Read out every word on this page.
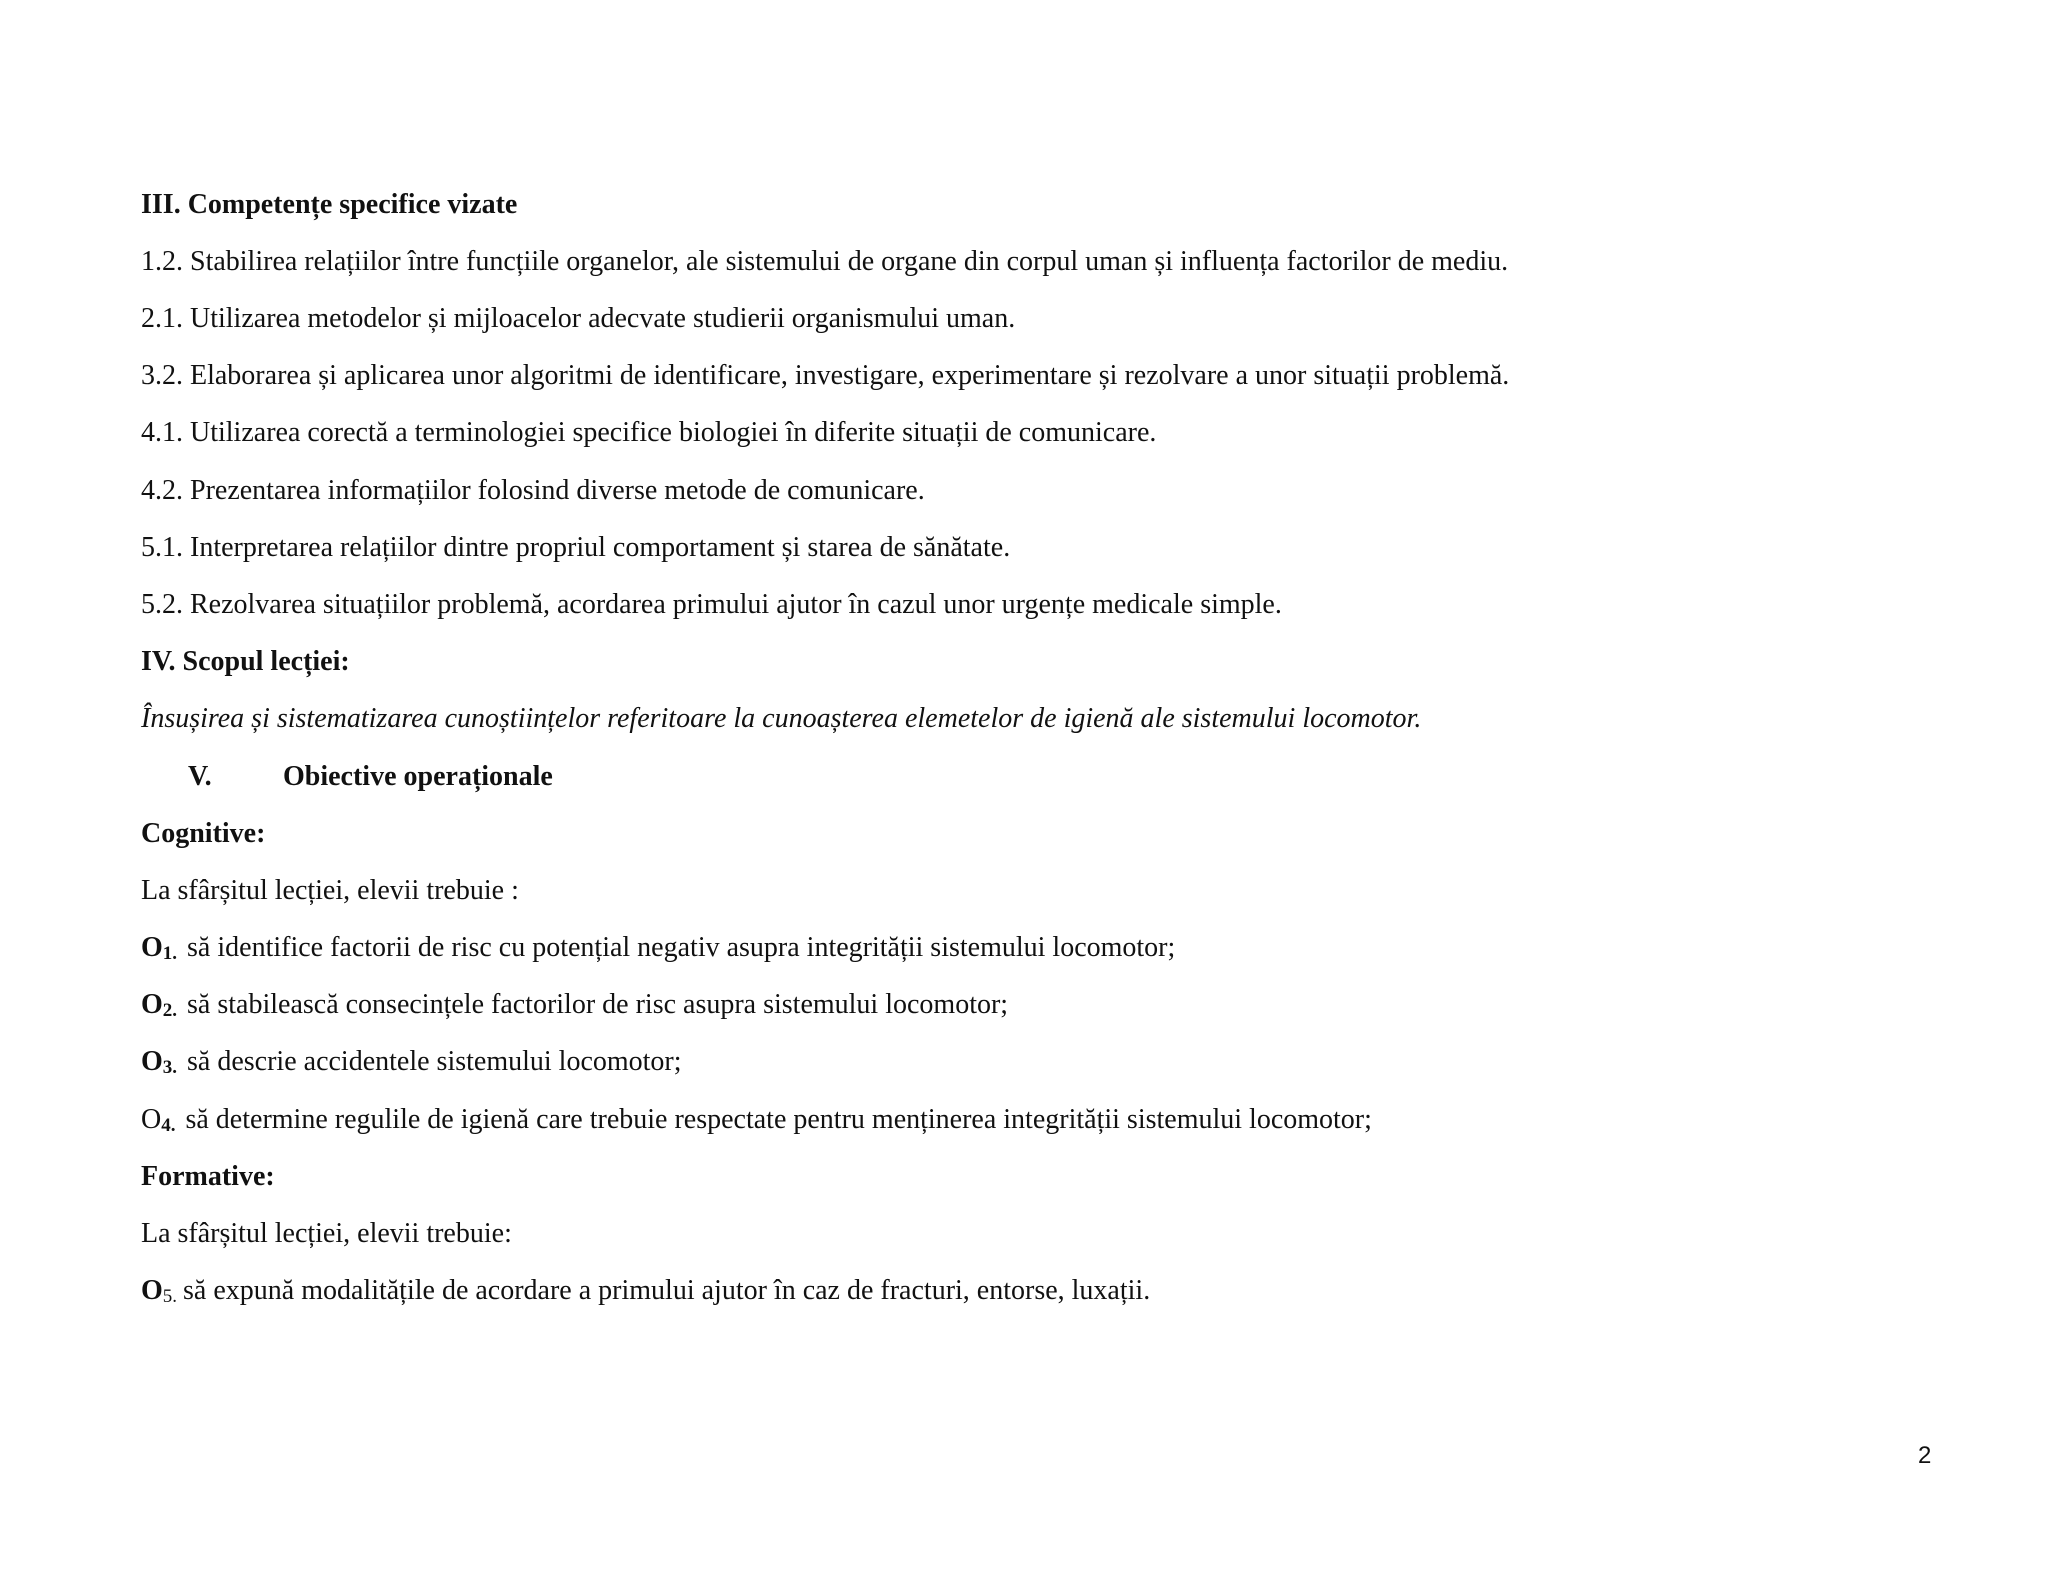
III. Competențe specifice vizate
1.2. Stabilirea relațiilor între funcțiile organelor, ale sistemului de organe din corpul uman și influența factorilor de mediu.
2.1. Utilizarea metodelor și mijloacelor adecvate studierii organismului uman.
3.2. Elaborarea și aplicarea unor algoritmi de identificare, investigare, experimentare și rezolvare a unor situații problemă.
4.1. Utilizarea corectă a terminologiei specifice biologiei în diferite situații de comunicare.
4.2. Prezentarea informațiilor folosind diverse metode de comunicare.
5.1. Interpretarea relațiilor dintre propriul comportament și starea de sănătate.
5.2. Rezolvarea situațiilor problemă, acordarea primului ajutor în cazul unor urgențe medicale simple.
IV. Scopul lecției:
Însușirea și sistematizarea cunoștiințelor referitoare la cunoașterea elemetelor de igienă ale sistemului locomotor.
V.	Obiective operaționale
Cognitive:
La sfârșitul lecției, elevii trebuie :
$O_{1.}$ să identifice factorii de risc cu potențial negativ asupra integrității sistemului locomotor;
$O_{2.}$ să stabilească consecințele factorilor de risc asupra sistemului locomotor;
$O_{3.}$ să descrie accidentele sistemului locomotor;
$O_{4.}$ să determine regulile de igienă care trebuie respectate pentru menținerea integrității sistemului locomotor;
Formative:
La sfârșitul lecției, elevii trebuie:
$O_{5.}$ să expună modalitățile de acordare a primului ajutor în caz de fracturi, entorse, luxații.
2
